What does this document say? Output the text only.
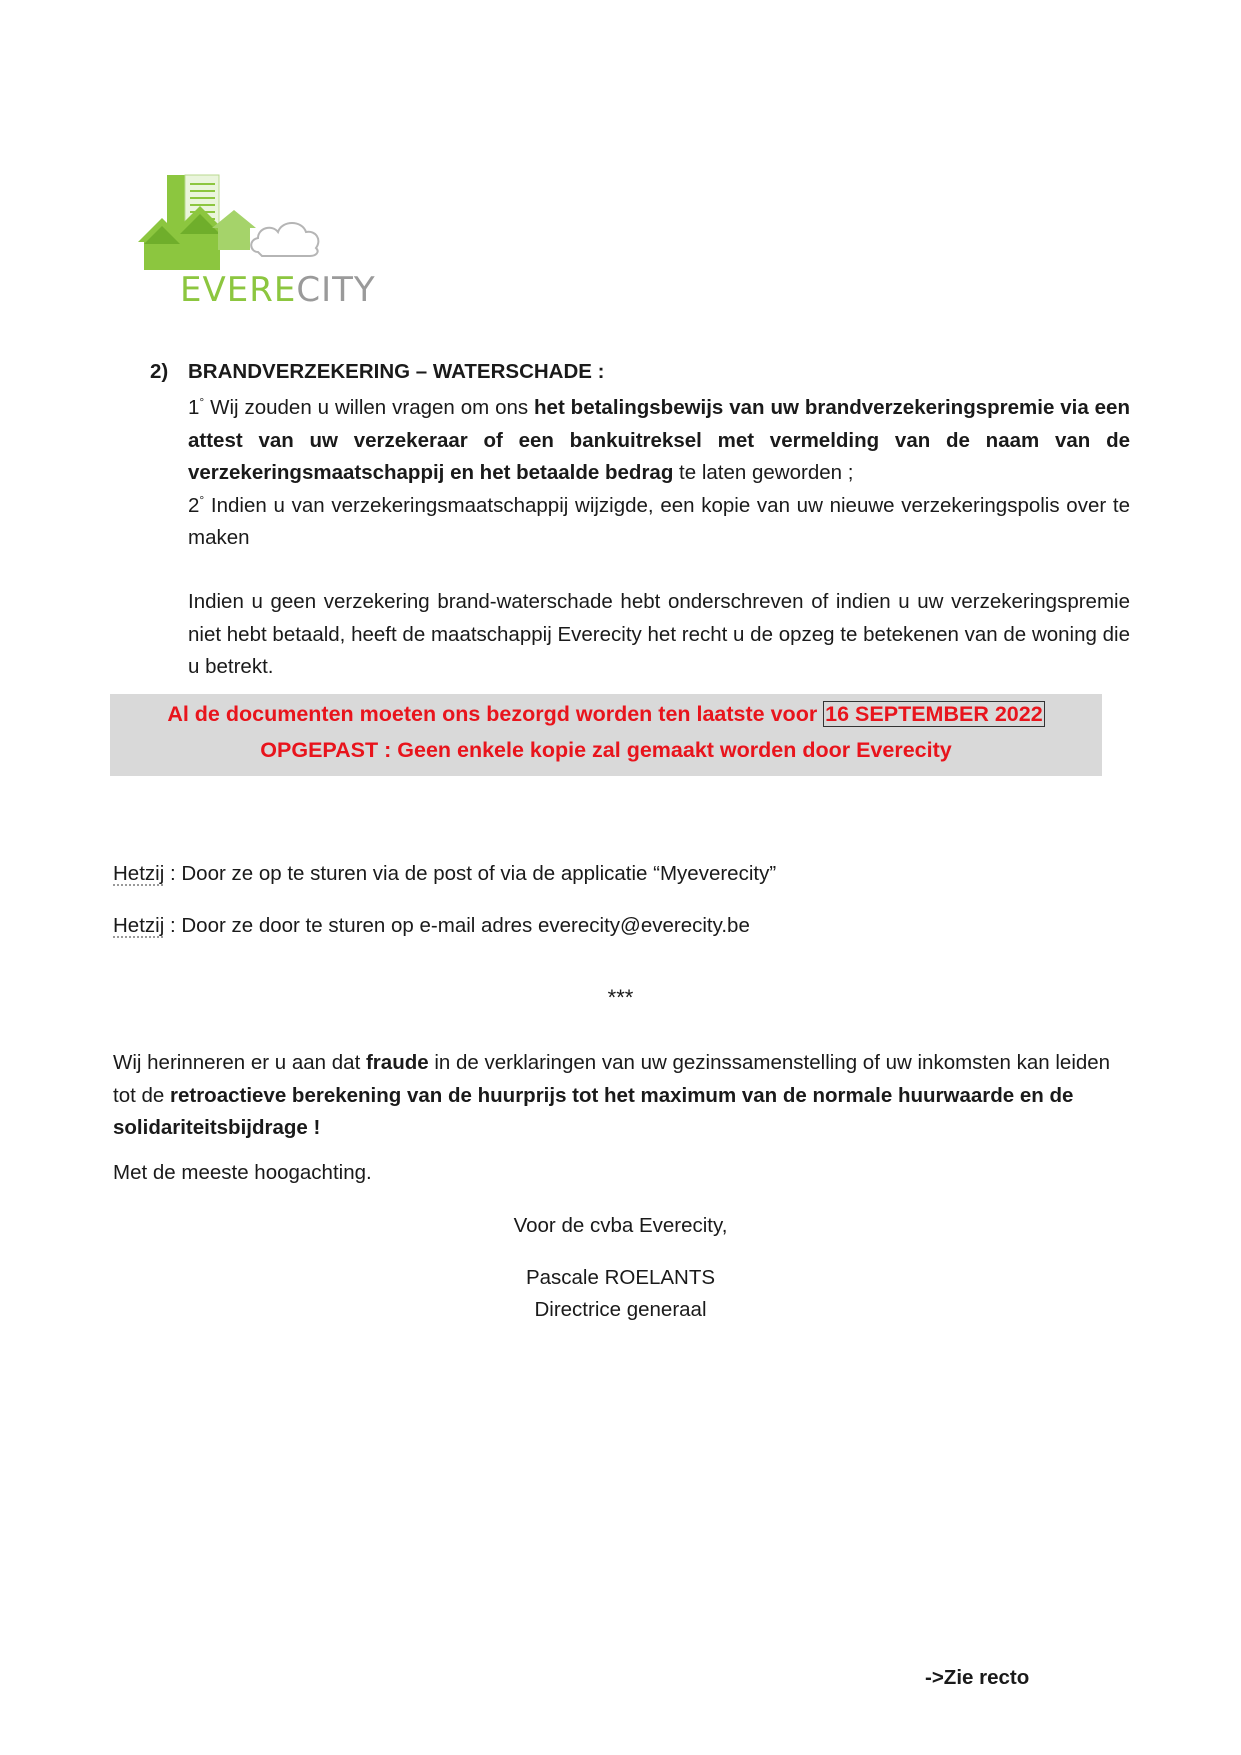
EVERECITY
2) BRANDVERZEKERING – WATERSCHADE :

1° Wij zouden u willen vragen om ons het betalingsbewijs van uw brandverzekeringspremie via een attest van uw verzekeraar of een bankuitreksel met vermelding van de naam van de verzekeringsmaatschappij en het betaalde bedrag te laten geworden ;

2° Indien u van verzekeringsmaatschappij wijzigde, een kopie van uw nieuwe verzekeringspolis over te maken

Indien u geen verzekering brand-waterschade hebt onderschreven of indien u uw verzekeringspremie niet hebt betaald, heeft de maatschappij Everecity het recht u de opzeg te betekenen van de woning die u betrekt.

Al de documenten moeten ons bezorgd worden ten laatste voor 16 SEPTEMBER 2022
OPGEPAST : Geen enkele kopie zal gemaakt worden door Everecity
Hetzij : Door ze op te sturen via de post of via de applicatie “Myeverecity”
Hetzij : Door ze door te sturen op e-mail adres everecity@everecity.be
***

Wij herinneren er u aan dat fraude in de verklaringen van uw gezinssamenstelling of uw inkomsten kan leiden tot de retroactieve berekening van de huurprijs tot het maximum van de normale huurwaarde en de solidariteitsbijdrage !

Met de meeste hoogachting.
Voor de cvba Everecity,
Pascale ROELANTS
Directrice generaal
->Zie recto
